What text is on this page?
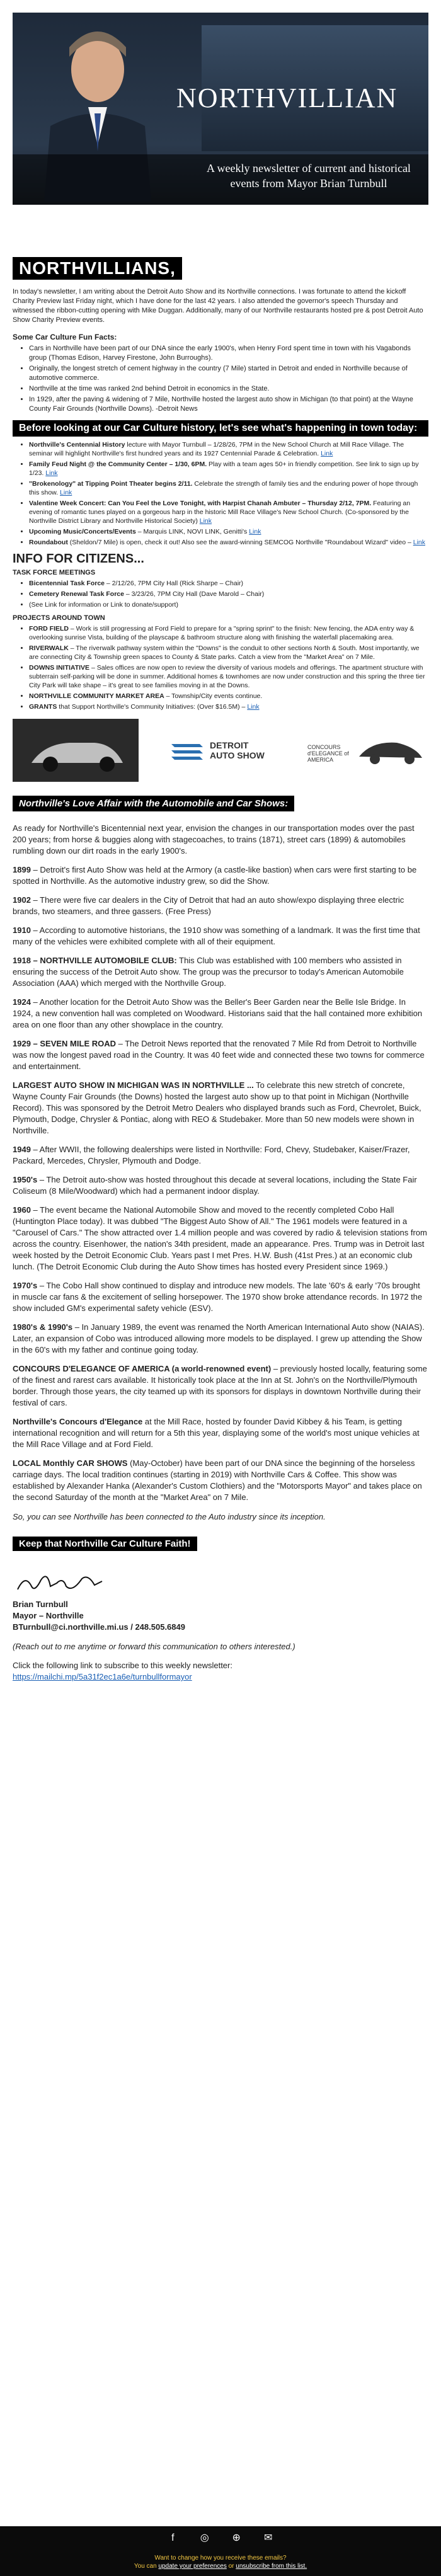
NORTHVILLIAN
A weekly newsletter of current and historical events from Mayor Brian Turnbull
NORTHVILLIANS,

In today's newsletter, I am writing about the Detroit Auto Show and its Northville connections. I was fortunate to attend the kickoff Charity Preview last Friday night, which I have done for the last 42 years. I also attended the governor's speech Thursday and witnessed the ribbon-cutting opening with Mike Duggan. Additionally, many of our Northville restaurants hosted pre & post Detroit Auto Show Charity Preview events.

Some Car Culture Fun Facts:
• Cars in Northville have been part of our DNA since the early 1900's, when Henry Ford spent time in town with his Vagabonds group (Thomas Edison, Harvey Firestone, John Burroughs).
• Originally, the longest stretch of cement highway in the country (7 Mile) started in Detroit and ended in Northville because of automotive commerce.
• Northville at the time was ranked 2nd behind Detroit in economics in the State.
• In 1929, after the paving & widening of 7 Mile, Northville hosted the largest auto show in Michigan (to that point) at the Wayne County Fair Grounds (Northville Downs). -Detroit News
Before looking at our Car Culture history, let's see what's happening in town today:
• Northville's Centennial History lecture with Mayor Turnbull – 1/28/26, 7PM in the New School Church at Mill Race Village. The seminar will highlight Northville's first hundred years and its 1927 Centennial Parade & Celebration. Link
• Family Feud Night @ the Community Center – 1/30, 6PM. Play with a team ages 50+ in friendly competition. See link to sign up by 1/23. Link
• "Brokenology" at Tipping Point Theater begins 2/11. Celebrate the strength of family ties and the enduring power of hope through this show. Link
• Valentine Week Concert: Can You Feel the Love Tonight, with Harpist Chanah Ambuter – Thursday 2/12, 7PM. Featuring an evening of romantic tunes played on a gorgeous harp in the historic Mill Race Village's New School Church. (Co-sponsored by the Northville District Library and Northville Historical Society) Link
• Upcoming Music/Concerts/Events – Marquis LINK, NOVI LINK, Genitti's Link
• Roundabout (Sheldon/7 Mile) is open, check it out! Also see the award-winning SEMCOG Northville "Roundabout Wizard" video – Link
INFO FOR CITIZENS...
TASK FORCE MEETINGS
• Bicentennial Task Force – 2/12/26, 7PM City Hall (Rick Sharpe – Chair)
• Cemetery Renewal Task Force – 3/23/26, 7PM City Hall (Dave Marold – Chair)
• (See Link for information or Link to donate/support)
PROJECTS AROUND TOWN
• FORD FIELD – Work is still progressing at Ford Field to prepare for a "spring sprint" to the finish: New fencing, the ADA entry way & overlooking sunrise Vista, building of the playscape & bathroom structure along with finishing the waterfall placemaking area.
• RIVERWALK – The riverwalk pathway system within the "Downs" is the conduit to other sections North & South. Most importantly, we are connecting City & Township green spaces to County & State parks. Catch a view from the "Market Area" on 7 Mile.
• DOWNS INITIATIVE – Sales offices are now open to review the diversity of various models and offerings. The apartment structure with subterrain self-parking will be done in summer. Additional homes & townhomes are now under construction and this spring the three tier City Park will take shape – it's great to see families moving in at the Downs.
• NORTHVILLE COMMUNITY MARKET AREA – Township/City events continue.
• GRANTS that Support Northville's Community Initiatives: (Over $16.5M) – Link
DETROIT AUTO SHOW
CONCOURS d'ELEGANCE of AMERICA
Northville's Love Affair with the Automobile and Car Shows:

As ready for Northville's Bicentennial next year, envision the changes in our transportation modes over the past 200 years; from horse & buggies along with stagecoaches, to trains (1871), street cars (1899) & automobiles rumbling down our dirt roads in the early 1900's.

1899 – Detroit's first Auto Show was held at the Armory (a castle-like bastion) when cars were first starting to be spotted in Northville. As the automotive industry grew, so did the Show.

1902 – There were five car dealers in the City of Detroit that had an auto show/expo displaying three electric brands, two steamers, and three gassers. (Free Press)

1910 – According to automotive historians, the 1910 show was something of a landmark. It was the first time that many of the vehicles were exhibited complete with all of their equipment.

1918 – NORTHVILLE AUTOMOBILE CLUB: This Club was established with 100 members who assisted in ensuring the success of the Detroit Auto show. The group was the precursor to today's American Automobile Association (AAA) which merged with the Northville Group.

1924 – Another location for the Detroit Auto Show was the Beller's Beer Garden near the Belle Isle Bridge. In 1924, a new convention hall was completed on Woodward. Historians said that the hall contained more exhibition area on one floor than any other showplace in the country.

1929 – SEVEN MILE ROAD – The Detroit News reported that the renovated 7 Mile Rd from Detroit to Northville was now the longest paved road in the Country. It was 40 feet wide and connected these two towns for commerce and entertainment.

LARGEST AUTO SHOW IN MICHIGAN WAS IN NORTHVILLE ... To celebrate this new stretch of concrete, Wayne County Fair Grounds (the Downs) hosted the largest auto show up to that point in Michigan (Northville Record). This was sponsored by the Detroit Metro Dealers who displayed brands such as Ford, Chevrolet, Buick, Plymouth, Dodge, Chrysler & Pontiac, along with REO & Studebaker. More than 50 new models were shown in Northville.

1949 – After WWII, the following dealerships were listed in Northville: Ford, Chevy, Studebaker, Kaiser/Frazer, Packard, Mercedes, Chrysler, Plymouth and Dodge.

1950's – The Detroit auto-show was hosted throughout this decade at several locations, including the State Fair Coliseum (8 Mile/Woodward) which had a permanent indoor display.

1960 – The event became the National Automobile Show and moved to the recently completed Cobo Hall (Huntington Place today). It was dubbed "The Biggest Auto Show of All." The 1961 models were featured in a "Carousel of Cars." The show attracted over 1.4 million people and was covered by radio & television stations from across the country. Eisenhower, the nation's 34th president, made an appearance. Pres. Trump was in Detroit last week hosted by the Detroit Economic Club. Years past I met Pres. H.W. Bush (41st Pres.) at an economic club lunch. (The Detroit Economic Club during the Auto Show times has hosted every President since 1969.)

1970's – The Cobo Hall show continued to display and introduce new models. The late '60's & early '70s brought in muscle car fans & the excitement of selling horsepower. The 1970 show broke attendance records. In 1972 the show included GM's experimental safety vehicle (ESV).

1980's & 1990's – In January 1989, the event was renamed the North American International Auto show (NAIAS). Later, an expansion of Cobo was introduced allowing more models to be displayed. I grew up attending the Show in the 60's with my father and continue going today.

CONCOURS D'ELEGANCE OF AMERICA (a world-renowned event) – previously hosted locally, featuring some of the finest and rarest cars available. It historically took place at the Inn at St. John's on the Northville/Plymouth border. Through those years, the city teamed up with its sponsors for displays in downtown Northville during their festival of cars.

Northville's Concours d'Elegance at the Mill Race, hosted by founder David Kibbey & his Team, is getting international recognition and will return for a 5th this year, displaying some of the world's most unique vehicles at the Mill Race Village and at Ford Field.

LOCAL Monthly CAR SHOWS (May-October) have been part of our DNA since the beginning of the horseless carriage days. The local tradition continues (starting in 2019) with Northville Cars & Coffee. This show was established by Alexander Hanka (Alexander's Custom Clothiers) and the "Motorsports Mayor" and takes place on the second Saturday of the month at the "Market Area" on 7 Mile.

So, you can see Northville has been connected to the Auto industry since its inception.

Keep that Northville Car Culture Faith!
Brian Turnbull
Mayor – Northville
BTurnbull@ci.northville.mi.us / 248.505.6849

(Reach out to me anytime or forward this communication to others interested.)

Click the following link to subscribe to this weekly newsletter:
https://mailchi.mp/5a31f2ec1a6e/turnbullformayor

f	◎ ⊕ ✉
Want to change how you receive these emails?
You can update your preferences or unsubscribe from this list.
